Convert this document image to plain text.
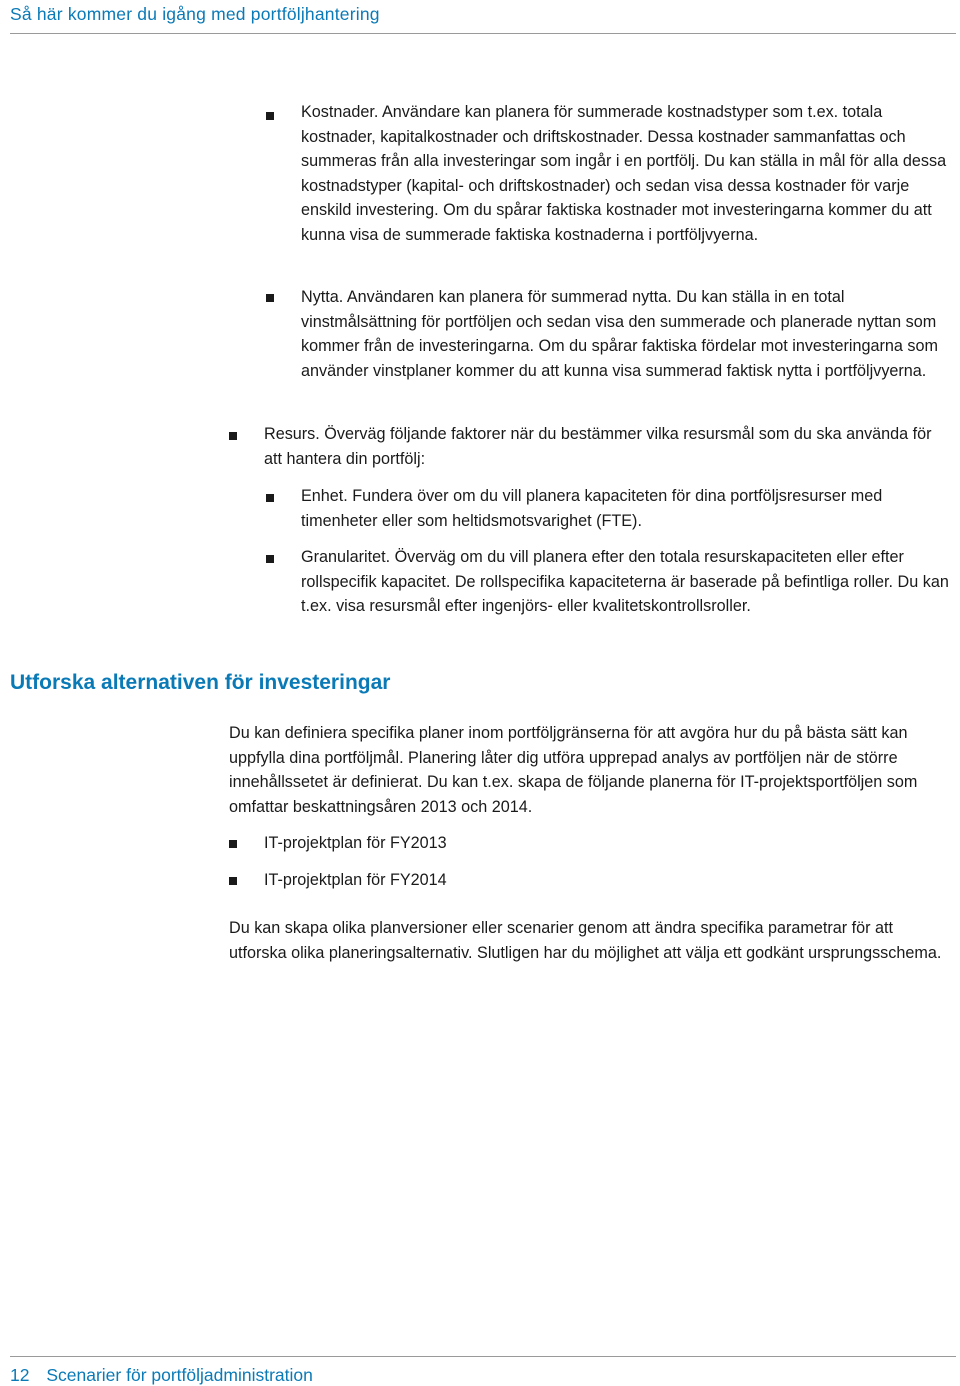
Så här kommer du igång med portföljhantering

Kostnader. Användare kan planera för summerade kostnadstyper som t.ex. totala kostnader, kapitalkostnader och driftskostnader. Dessa kostnader sammanfattas och summeras från alla investeringar som ingår i en portfölj. Du kan ställa in mål för alla dessa kostnadstyper (kapital- och driftskostnader) och sedan visa dessa kostnader för varje enskild investering. Om du spårar faktiska kostnader mot investeringarna kommer du att kunna visa de summerade faktiska kostnaderna i portföljvyerna.

Nytta. Användaren kan planera för summerad nytta. Du kan ställa in en total vinstmålsättning för portföljen och sedan visa den summerade och planerade nyttan som kommer från de investeringarna. Om du spårar faktiska fördelar mot investeringarna som använder vinstplaner kommer du att kunna visa summerad faktisk nytta i portföljvyerna.

Resurs. Överväg följande faktorer när du bestämmer vilka resursmål som du ska använda för att hantera din portfölj:

Enhet. Fundera över om du vill planera kapaciteten för dina portföljsresurser med timenheter eller som heltidsmotsvarighet (FTE).

Granularitet. Överväg om du vill planera efter den totala resurskapaciteten eller efter rollspecifik kapacitet. De rollspecifika kapaciteterna är baserade på befintliga roller. Du kan t.ex. visa resursmål efter ingenjörs- eller kvalitetskontrollsroller.

Utforska alternativen för investeringar

Du kan definiera specifika planer inom portföljgränserna för att avgöra hur du på bästa sätt kan uppfylla dina portföljmål. Planering låter dig utföra upprepad analys av portföljen när de större innehållssetet är definierat. Du kan t.ex. skapa de följande planerna för IT-projektsportföljen som omfattar beskattningsåren 2013 och 2014.

IT-projektplan för FY2013

IT-projektplan för FY2014

Du kan skapa olika planversioner eller scenarier genom att ändra specifika parametrar för att utforska olika planeringsalternativ. Slutligen har du möjlighet att välja ett godkänt ursprungsschema.

12 Scenarier för portföljadministration
